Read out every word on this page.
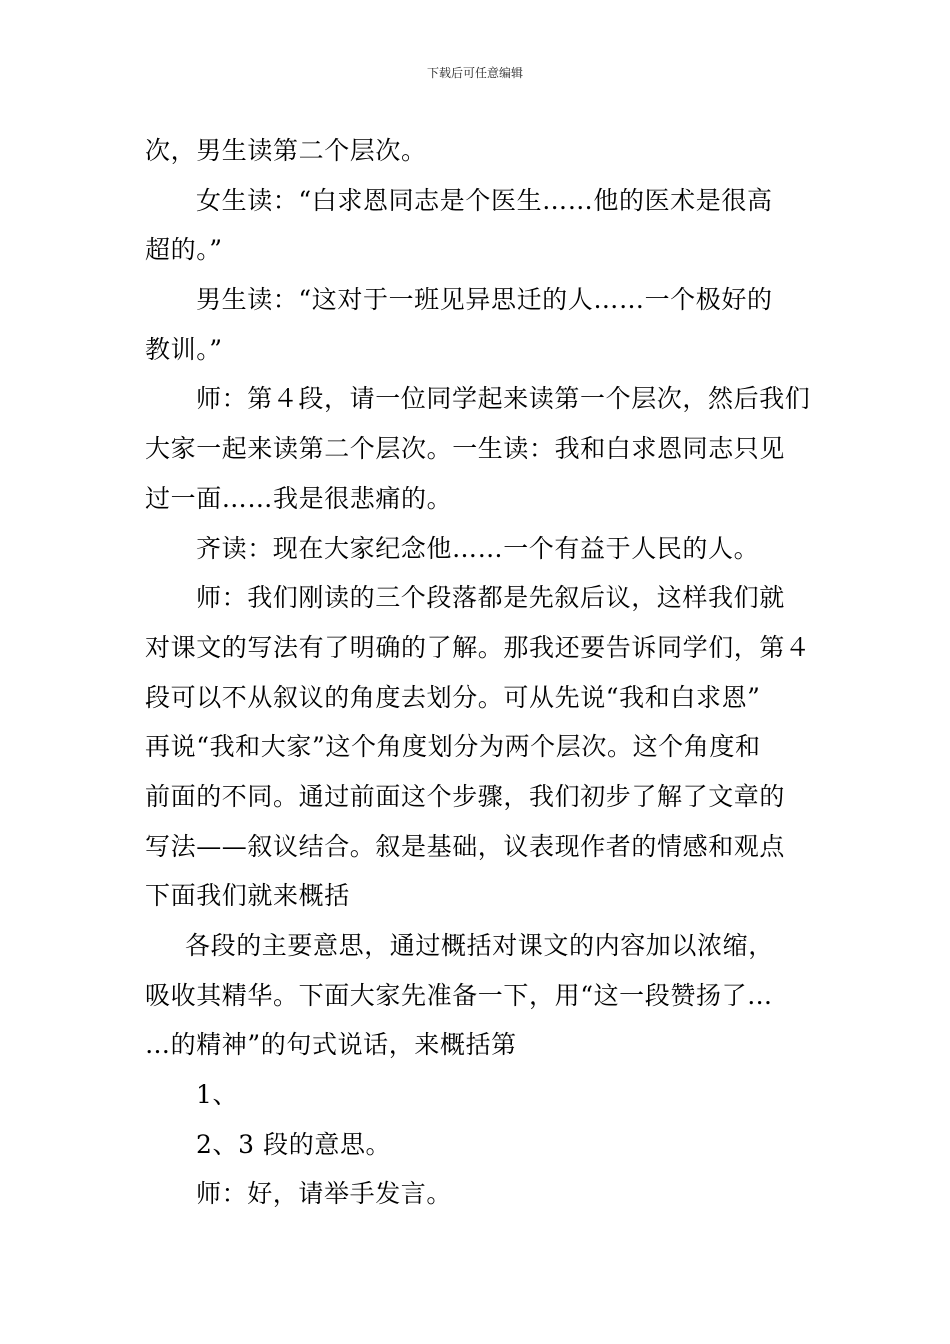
下载后可任意编辑
次，男生读第二个层次。
女生读：“白求恩同志是个医生……他的医术是很高
超的。”
男生读：“这对于一班见异思迁的人……一个极好的
教训。”
师：第４段，请一位同学起来读第一个层次，然后我们
大家一起来读第二个层次。一生读：我和白求恩同志只见
过一面……我是很悲痛的。
齐读：现在大家纪念他……一个有益于人民的人。
师：我们刚读的三个段落都是先叙后议，这样我们就
对课文的写法有了明确的了解。那我还要告诉同学们，第４
段可以不从叙议的角度去划分。可从先说“我和白求恩”
再说“我和大家”这个角度划分为两个层次。这个角度和
前面的不同。通过前面这个步骤，我们初步了解了文章的
写法——叙议结合。叙是基础，议表现作者的情感和观点
下面我们就来概括
各段的主要意思，通过概括对课文的内容加以浓缩，
吸收其精华。下面大家先准备一下，用“这一段赞扬了…
…的精神”的句式说话，来概括第
1、
2、3 段的意思。
师：好，请举手发言。
